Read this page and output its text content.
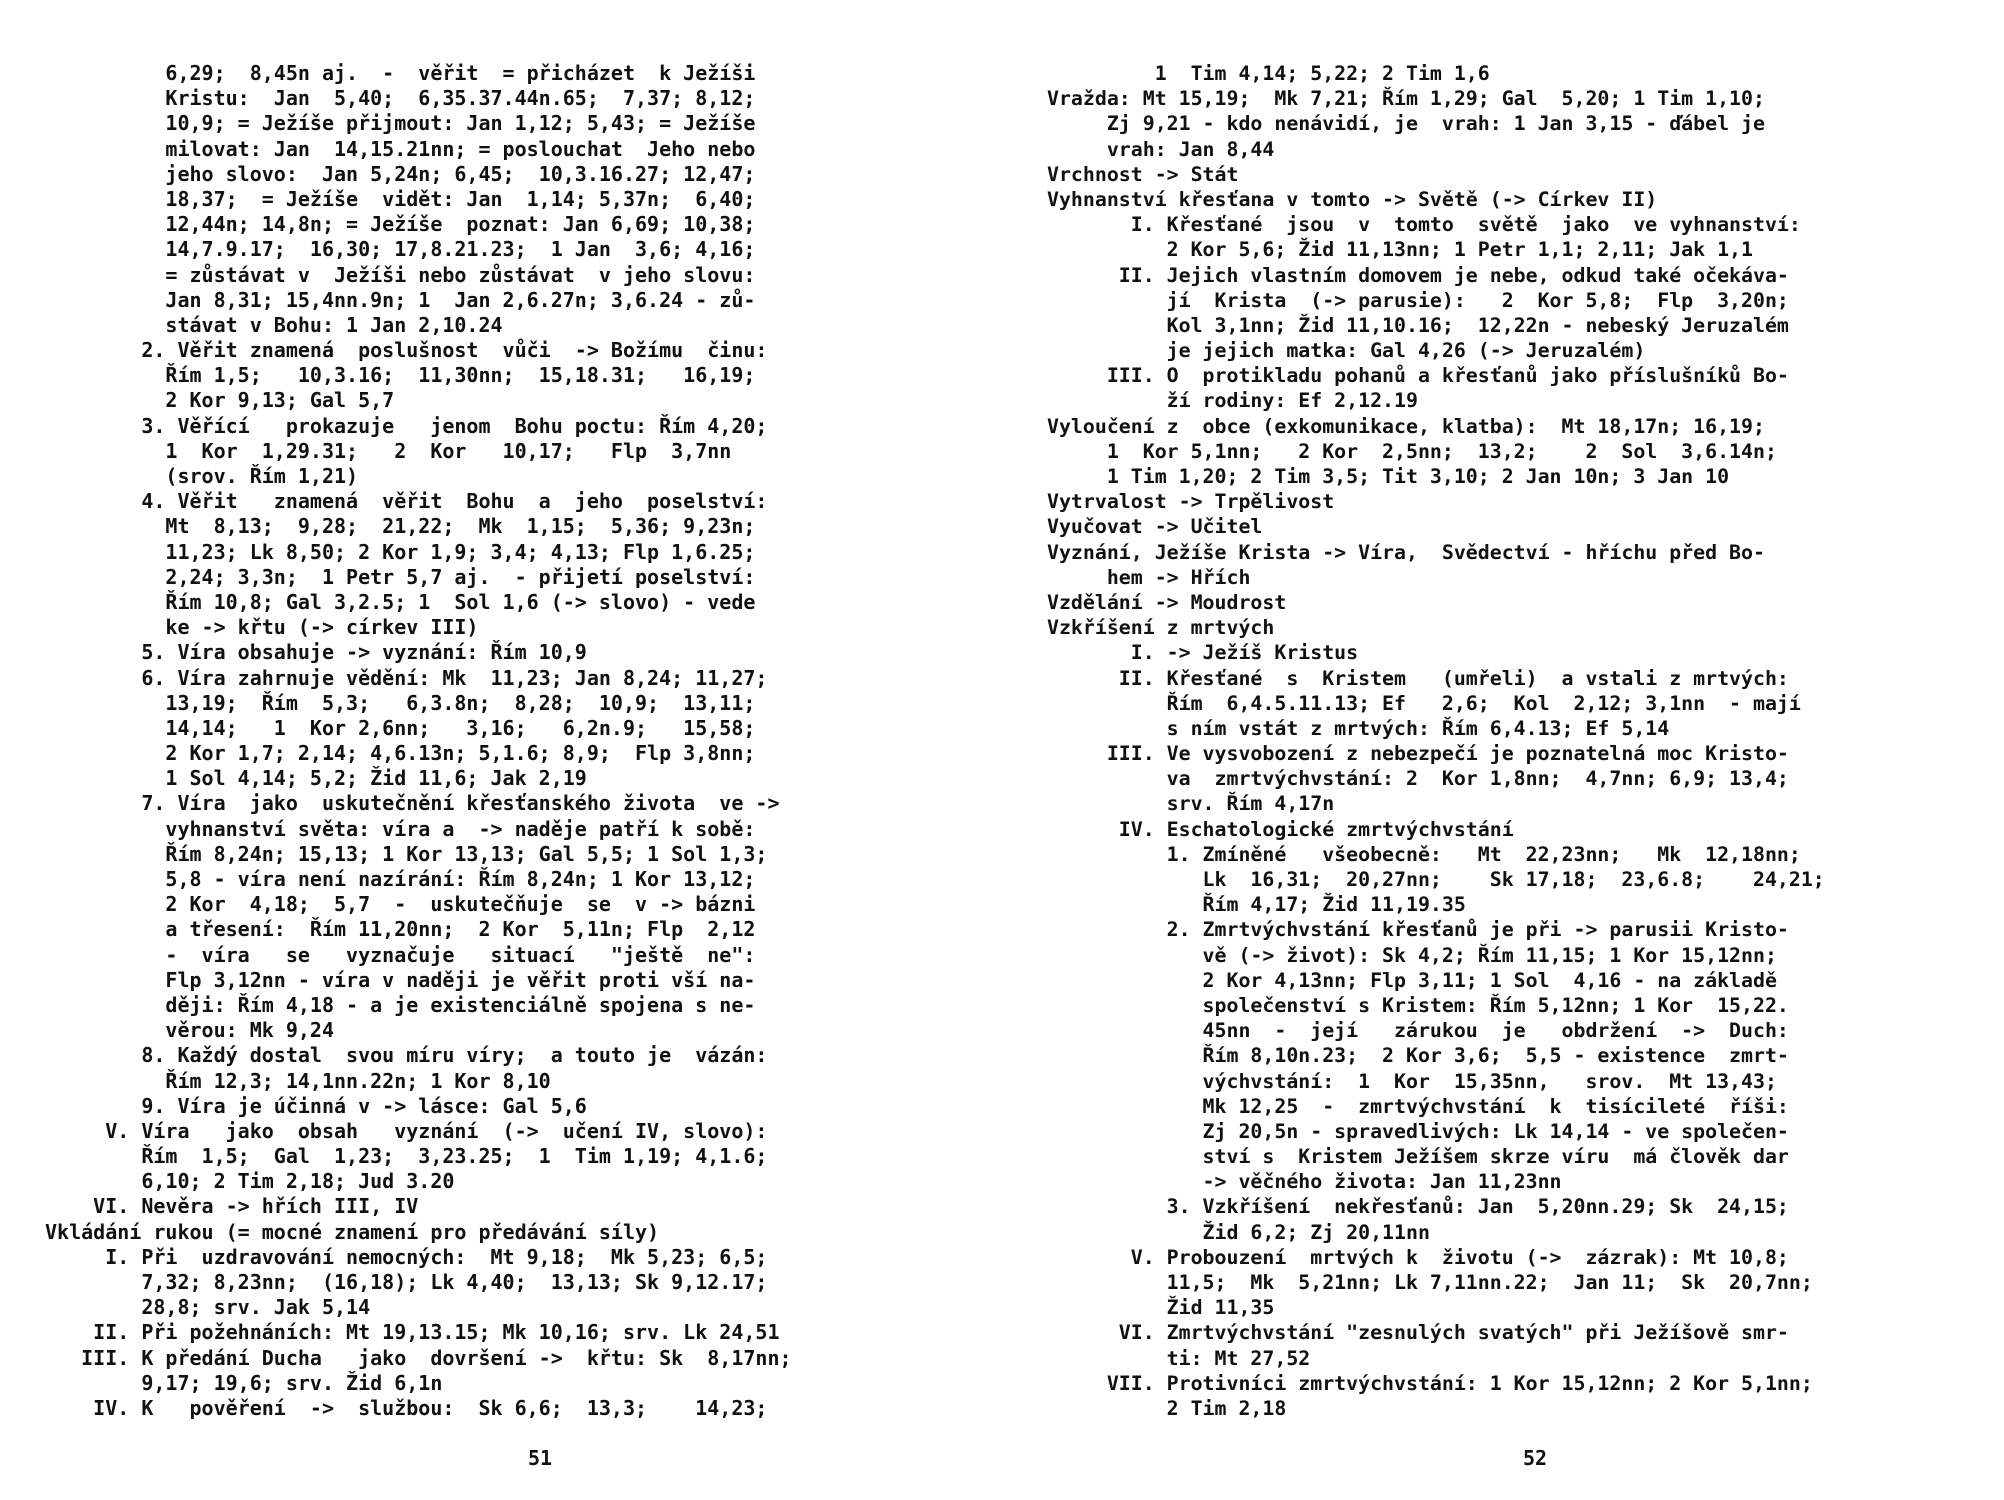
6,29;  8,45n aj.  -  věřit  = přicházet  k Ježíši
Kristu:  Jan  5,40;  6,35.37.44n.65;  7,37; 8,12;
10,9; = Ježíše přijmout: Jan 1,12; 5,43; = Ježíše
milovat: Jan  14,15.21nn; = poslouchat  Jeho nebo
jeho slovo:  Jan 5,24n; 6,45;  10,3.16.27; 12,47;
18,37;  = Ježíše  vidět: Jan  1,14; 5,37n;  6,40;
12,44n; 14,8n; = Ježíše  poznat: Jan 6,69; 10,38;
14,7.9.17;  16,30; 17,8.21.23;  1 Jan  3,6; 4,16;
= zůstávat v  Ježíši nebo zůstávat  v jeho slovu:
Jan 8,31; 15,4nn.9n; 1  Jan 2,6.27n; 3,6.24 - zů-
stávat v Bohu: 1 Jan 2,10.24
2. Věřit znamená  poslušnost  vůči  -> Božímu  činu:
Řím 1,5;   10,3.16;  11,30nn;  15,18.31;   16,19;
2 Kor 9,13; Gal 5,7
3. Věřící   prokazuje   jenom  Bohu poctu: Řím 4,20;
1  Kor  1,29.31;   2  Kor   10,17;   Flp  3,7nn
(srov. Řím 1,21)
4. Věřit   znamená  věřit  Bohu  a  jeho  poselství:
Mt  8,13;  9,28;  21,22;  Mk  1,15;  5,36; 9,23n;
11,23; Lk 8,50; 2 Kor 1,9; 3,4; 4,13; Flp 1,6.25;
2,24; 3,3n;  1 Petr 5,7 aj.  - přijetí poselství:
Řím 10,8; Gal 3,2.5; 1  Sol 1,6 (-> slovo) - vede
ke -> křtu (-> církev III)
5. Víra obsahuje -> vyznání: Řím 10,9
6. Víra zahrnuje vědění: Mk  11,23; Jan 8,24; 11,27;
13,19;  Řím  5,3;   6,3.8n;  8,28;  10,9;  13,11;
14,14;   1  Kor 2,6nn;   3,16;   6,2n.9;   15,58;
2 Kor 1,7; 2,14; 4,6.13n; 5,1.6; 8,9;  Flp 3,8nn;
1 Sol 4,14; 5,2; Žid 11,6; Jak 2,19
7. Víra  jako  uskutečnění křesťanského života  ve ->
vyhnanství světa: víra a  -> naděje patří k sobě:
Řím 8,24n; 15,13; 1 Kor 13,13; Gal 5,5; 1 Sol 1,3;
5,8 - víra není nazírání: Řím 8,24n; 1 Kor 13,12;
2 Kor  4,18;  5,7  -  uskutečňuje  se  v -> bázni
a třesení:  Řím 11,20nn;  2 Kor  5,11n; Flp  2,12
-  víra   se   vyznačuje   situací   "ještě  ne":
Flp 3,12nn - víra v naději je věřit proti vší na-
ději: Řím 4,18 - a je existenciálně spojena s ne-
věrou: Mk 9,24
8. Každý dostal  svou míru víry;  a touto je  vázán:
Řím 12,3; 14,1nn.22n; 1 Kor 8,10
9. Víra je účinná v -> lásce: Gal 5,6
V. Víra   jako  obsah   vyznání  (->  učení IV, slovo):
Řím  1,5;  Gal  1,23;  3,23.25;  1  Tim 1,19; 4,1.6;
6,10; 2 Tim 2,18; Jud 3.20
VI. Nevěra -> hřích III, IV
Vkládání rukou (= mocné znamení pro předávání síly)
I. Při  uzdravování nemocných:  Mt 9,18;  Mk 5,23; 6,5;
7,32; 8,23nn;  (16,18); Lk 4,40;  13,13; Sk 9,12.17;
28,8; srv. Jak 5,14
II. Při požehnáních: Mt 19,13.15; Mk 10,16; srv. Lk 24,51
III. K předání Ducha   jako  dovršení ->  křtu: Sk  8,17nn;
9,17; 19,6; srv. Žid 6,1n
IV. K   pověření  ->  službou:  Sk 6,6;  13,3;    14,23;
51
1  Tim 4,14; 5,22; 2 Tim 1,6
Vražda: Mt 15,19;  Mk 7,21; Řím 1,29; Gal  5,20; 1 Tim 1,10;
Zj 9,21 - kdo nenávidí, je  vrah: 1 Jan 3,15 - ďábel je
vrah: Jan 8,44
Vrchnost -> Stát
Vyhnanství křesťana v tomto -> Světě (-> Církev II)
I. Křesťané  jsou  v  tomto  světě  jako  ve vyhnanství:
2 Kor 5,6; Žid 11,13nn; 1 Petr 1,1; 2,11; Jak 1,1
II. Jejich vlastním domovem je nebe, odkud také očekáva-
jí  Krista  (-> parusie):   2  Kor 5,8;  Flp  3,20n;
Kol 3,1nn; Žid 11,10.16;  12,22n - nebeský Jeruzalém
je jejich matka: Gal 4,26 (-> Jeruzalém)
III. O  protikladu pohanů a křesťanů jako příslušníků Bo-
ží rodiny: Ef 2,12.19
Vyloučení z  obce (exkomunikace, klatba):  Mt 18,17n; 16,19;
1  Kor 5,1nn;   2 Kor  2,5nn;  13,2;    2  Sol  3,6.14n;
1 Tim 1,20; 2 Tim 3,5; Tit 3,10; 2 Jan 10n; 3 Jan 10
Vytrvalost -> Trpělivost
Vyučovat -> Učitel
Vyznání, Ježíše Krista -> Víra,  Svědectví - hříchu před Bo-
hem -> Hřích
Vzdělání -> Moudrost
Vzkříšení z mrtvých
I. -> Ježíš Kristus
II. Křesťané  s  Kristem   (umřeli)  a vstali z mrtvých:
Řím  6,4.5.11.13; Ef   2,6;  Kol  2,12; 3,1nn  - mají
s ním vstát z mrtvých: Řím 6,4.13; Ef 5,14
III. Ve vysvobození z nebezpečí je poznatelná moc Kristo-
va  zmrtvýchvstání: 2  Kor 1,8nn;  4,7nn; 6,9; 13,4;
srv. Řím 4,17n
IV. Eschatologické zmrtvýchvstání
1. Zmíněné   všeobecně:   Mt  22,23nn;   Mk  12,18nn;
Lk  16,31;  20,27nn;    Sk 17,18;  23,6.8;    24,21;
Řím 4,17; Žid 11,19.35
2. Zmrtvýchvstání křesťanů je při -> parusii Kristo-
vě (-> život): Sk 4,2; Řím 11,15; 1 Kor 15,12nn;
2 Kor 4,13nn; Flp 3,11; 1 Sol  4,16 - na základě
společenství s Kristem: Řím 5,12nn; 1 Kor  15,22.
45nn  -  její   zárukou  je   obdržení  ->  Duch:
Řím 8,10n.23;  2 Kor 3,6;  5,5 - existence  zmrt-
výchvstání:  1  Kor  15,35nn,   srov.  Mt 13,43;
Mk 12,25  -  zmrtvýchvstání  k  tisícileté  říši:
Zj 20,5n - spravedlivých: Lk 14,14 - ve společen-
ství s  Kristem Ježíšem skrze víru  má člověk dar
-> věčného života: Jan 11,23nn
3. Vzkříšení  nekřesťanů: Jan  5,20nn.29; Sk  24,15;
Žid 6,2; Zj 20,11nn
V. Probouzení  mrtvých k  životu (->  zázrak): Mt 10,8;
11,5;  Mk  5,21nn; Lk 7,11nn.22;  Jan 11;  Sk  20,7nn;
Žid 11,35
VI. Zmrtvýchvstání "zesnulých svatých" při Ježíšově smr-
ti: Mt 27,52
VII. Protivníci zmrtvýchvstání: 1 Kor 15,12nn; 2 Kor 5,1nn;
2 Tim 2,18
52
